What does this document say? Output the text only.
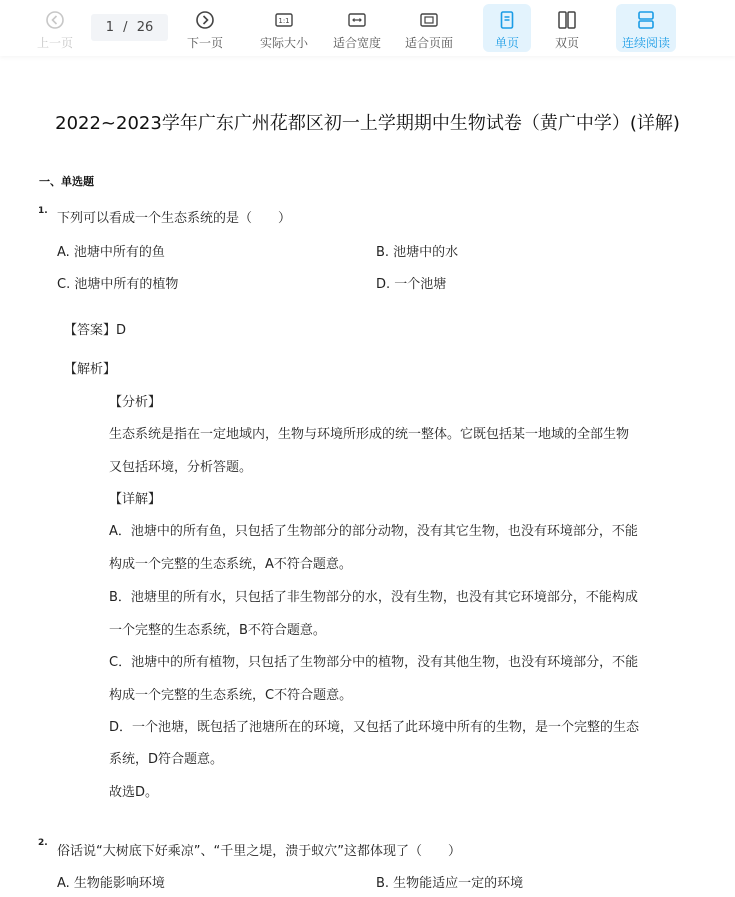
上一页
1 / 26
下一页
1:1
实际大小	适合宽度	适合页面	单页	双页	连续阅读
2022~2023学年广东广州花都区初一上学期期中生物试卷（黄广中学）(详解)
一、单选题
1. 下列可以看成一个生态系统的是（　　）
A. 池塘中所有的鱼	B. 池塘中的水
C. 池塘中所有的植物	D. 一个池塘
【答案】D
【解析】
【分析】
生态系统是指在一定地域内，生物与环境所形成的统一整体。它既包括某一地域的全部生物
又包括环境，分析答题。
【详解】
A．池塘中的所有鱼，只包括了生物部分的部分动物，没有其它生物，也没有环境部分，不能
构成一个完整的生态系统，A不符合题意。
B．池塘里的所有水，只包括了非生物部分的水，没有生物，也没有其它环境部分，不能构成
一个完整的生态系统，B不符合题意。
C．池塘中的所有植物，只包括了生物部分中的植物，没有其他生物，也没有环境部分，不能
构成一个完整的生态系统，C不符合题意。
D．一个池塘，既包括了池塘所在的环境，又包括了此环境中所有的生物，是一个完整的生态
系统，D符合题意。
故选D。
2.
俗话说“大树底下好乘凉”、“千里之堤，溃于蚁穴”这都体现了（　　）
A. 生物能影响环境	B. 生物能适应一定的环境
